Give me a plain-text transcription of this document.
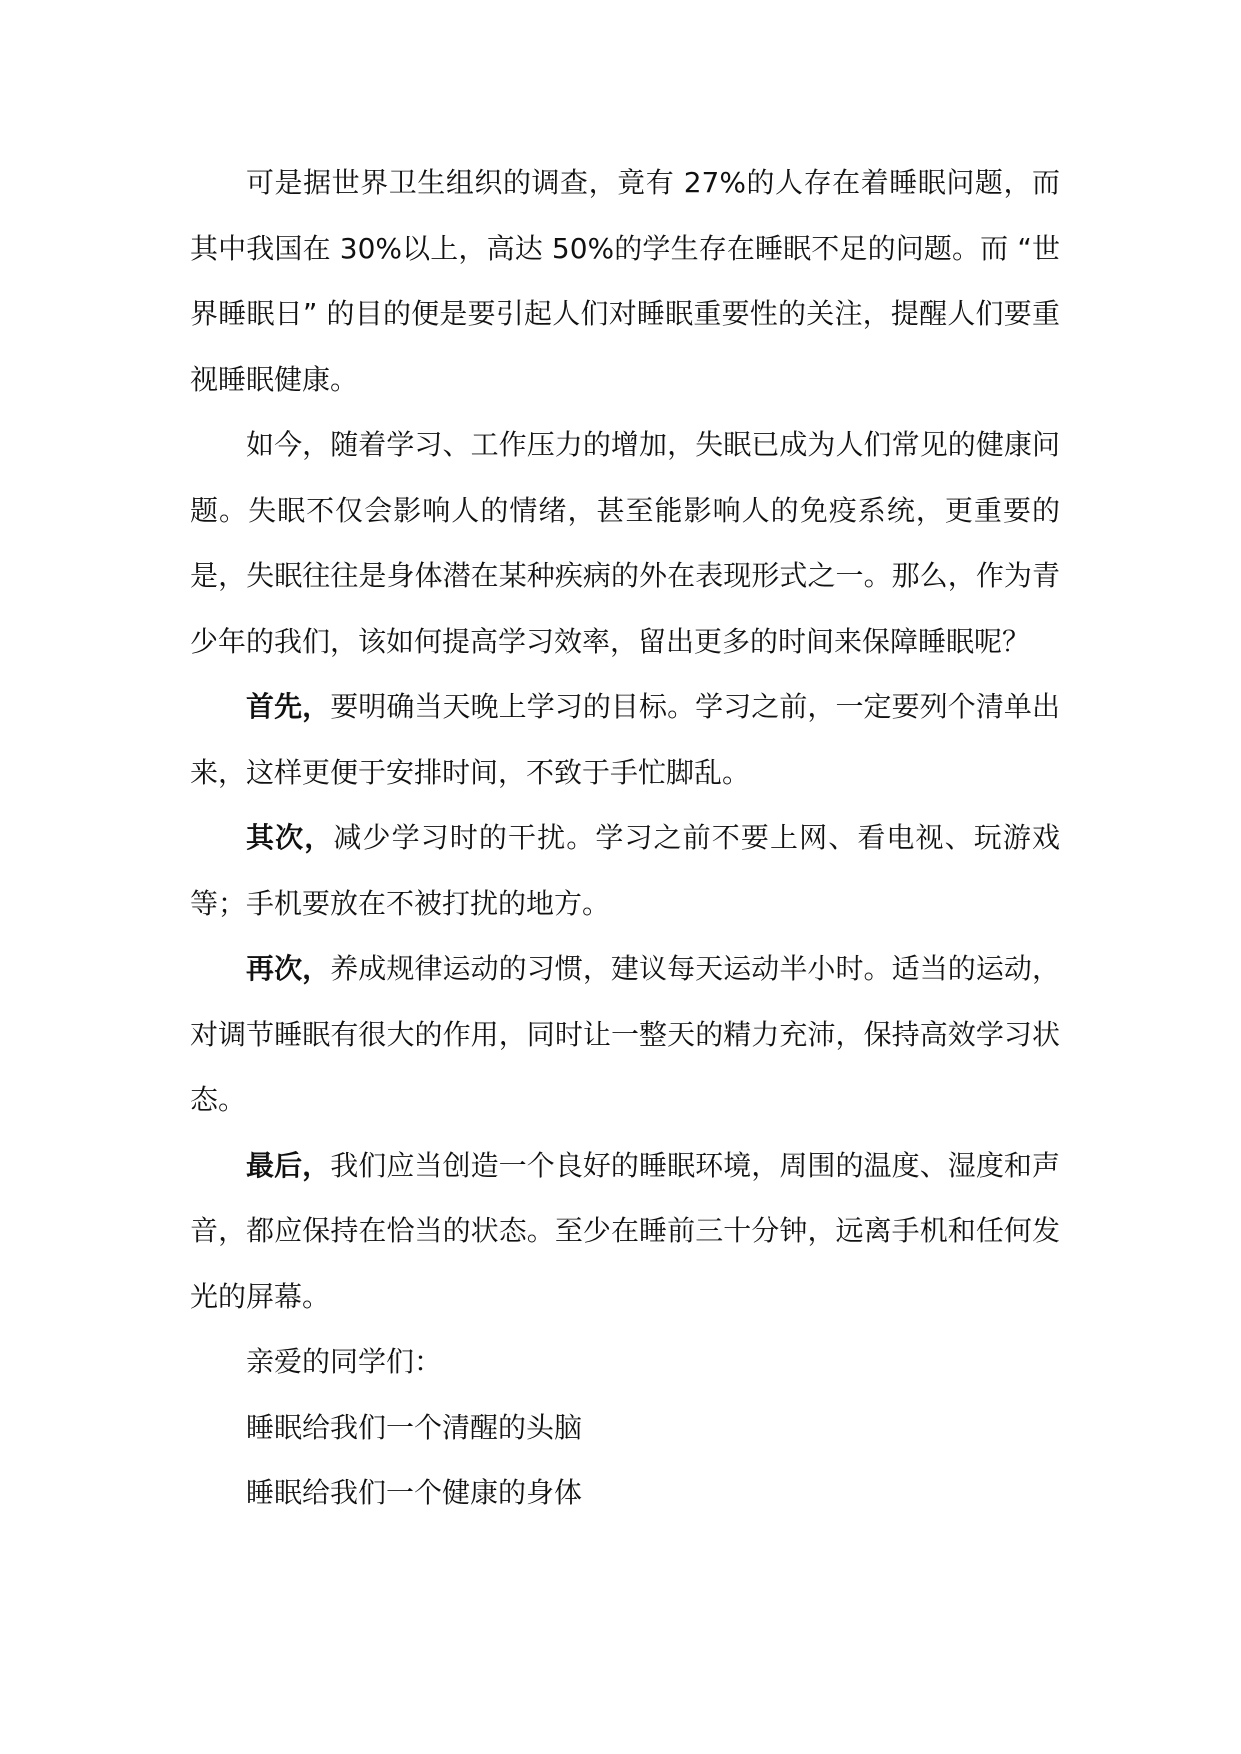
可是据世界卫生组织的调查，竟有 27%的人存在着睡眠问题，而其中我国在 30%以上，高达 50%的学生存在睡眠不足的问题。而 “世界睡眠日” 的目的便是要引起人们对睡眠重要性的关注，提醒人们要重视睡眠健康。

如今，随着学习、工作压力的增加，失眠已成为人们常见的健康问题。失眠不仅会影响人的情绪，甚至能影响人的免疫系统，更重要的是，失眠往往是身体潜在某种疾病的外在表现形式之一。那么，作为青少年的我们，该如何提高学习效率，留出更多的时间来保障睡眠呢？

首先，要明确当天晚上学习的目标。学习之前，一定要列个清单出来，这样更便于安排时间，不致于手忙脚乱。

其次，减少学习时的干扰。学习之前不要上网、看电视、玩游戏等；手机要放在不被打扰的地方。

再次，养成规律运动的习惯，建议每天运动半小时。适当的运动，对调节睡眠有很大的作用，同时让一整天的精力充沛，保持高效学习状态。

最后，我们应当创造一个良好的睡眠环境，周围的温度、湿度和声音，都应保持在恰当的状态。至少在睡前三十分钟，远离手机和任何发光的屏幕。

亲爱的同学们：

睡眠给我们一个清醒的头脑

睡眠给我们一个健康的身体
